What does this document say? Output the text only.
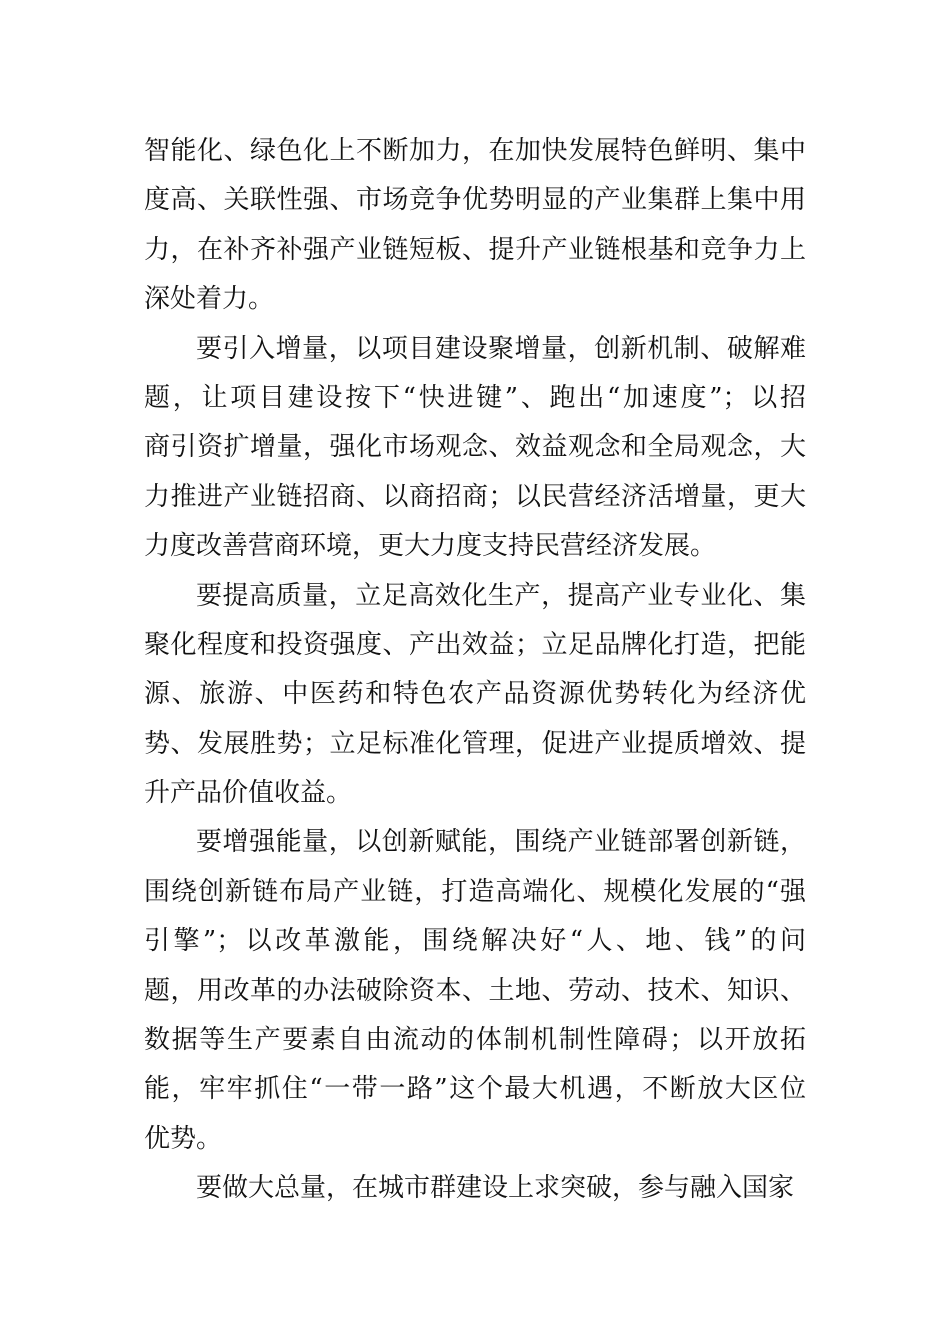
智能化、绿色化上不断加力，在加快发展特色鲜明、集中
度高、关联性强、市场竞争优势明显的产业集群上集中用
力，在补齐补强产业链短板、提升产业链根基和竞争力上
深处着力。
要引入增量，以项目建设聚增量，创新机制、破解难
题，让项目建设按下“快进键”、跑出“加速度”；以招
商引资扩增量，强化市场观念、效益观念和全局观念，大
力推进产业链招商、以商招商；以民营经济活增量，更大
力度改善营商环境，更大力度支持民营经济发展。
要提高质量，立足高效化生产，提高产业专业化、集
聚化程度和投资强度、产出效益；立足品牌化打造，把能
源、旅游、中医药和特色农产品资源优势转化为经济优
势、发展胜势；立足标准化管理，促进产业提质增效、提
升产品价值收益。
要增强能量，以创新赋能，围绕产业链部署创新链，
围绕创新链布局产业链，打造高端化、规模化发展的“强
引擎”；以改革激能，围绕解决好“人、地、钱”的问
题，用改革的办法破除资本、土地、劳动、技术、知识、
数据等生产要素自由流动的体制机制性障碍；以开放拓
能，牢牢抓住“一带一路”这个最大机遇，不断放大区位
优势。
要做大总量，在城市群建设上求突破，参与融入国家
